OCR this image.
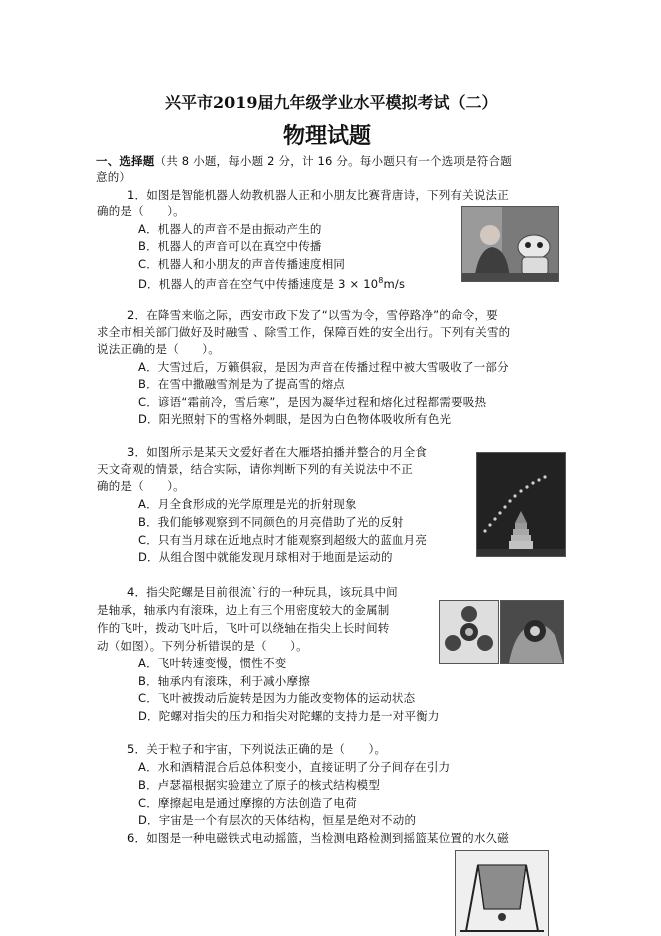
兴平市2019届九年级学业水平模拟考试（二）
物理试题
一、选择题（共 8 小题，每小题 2 分，计 16 分。每小题只有一个选项是符合题
意的）
1．如图是智能机器人幼教机器人正和小朋友比赛背唐诗，下列有关说法正
确的是（　　）。
A．机器人的声音不是由振动产生的
B．机器人的声音可以在真空中传播
C．机器人和小朋友的声音传播速度相同
D．机器人的声音在空气中传播速度是 $3 \times 10^8m/s$
2．在降雪来临之际，西安市政下发了“以雪为令，雪停路净”的命令，要
求全市相关部门做好及时融雪 、除雪工作，保障百姓的安全出行。下列有关雪的
说法正确的是（　　）。
A．大雪过后，万籁俱寂，是因为声音在传播过程中被大雪吸收了一部分
B．在雪中撒融雪剂是为了提高雪的熔点
C．谚语“霜前冷，雪后寒”，是因为凝华过程和熔化过程都需要吸热
D．阳光照射下的雪格外刺眼，是因为白色物体吸收所有色光
3．如图所示是某天文爱好者在大雁塔拍播并整合的月全食
天文奇观的情景，结合实际，请你判断下列的有关说法中不正
确的是（　　）。
A．月全食形成的光学原理是光的折射现象
B．我们能够观察到不同颜色的月亮借助了光的反射
C．只有当月球在近地点时才能观察到超级大的蓝血月亮
D．从组合图中就能发现月球相对于地面是运动的
4．指尖陀螺是目前很流`行的一种玩具，该玩具中间
是轴承，轴承内有滚珠，边上有三个用密度较大的金属制
作的飞叶，拨动飞叶后，飞叶可以绕轴在指尖上长时间转
动（如图）。下列分析错误的是（　　）。
A．飞叶转速变慢，惯性不变
B．轴承内有滚珠，利于减小摩擦
C．飞叶被拨动后旋转是因为力能改变物体的运动状态
D．陀螺对指尖的压力和指尖对陀螺的支持力是一对平衡力
5．关于粒子和宇宙，下列说法正确的是（　　）。
A．水和酒精混合后总体积变小，直接证明了分子间存在引力
B．卢瑟福根据实验建立了原子的核式结构模型
C．摩擦起电是通过摩擦的方法创造了电荷
D．宇宙是一个有层次的天体结构，恒星是绝对不动的
6．如图是一种电磁铁式电动摇篮，当检测电路检测到摇篮某位置的水久磁
